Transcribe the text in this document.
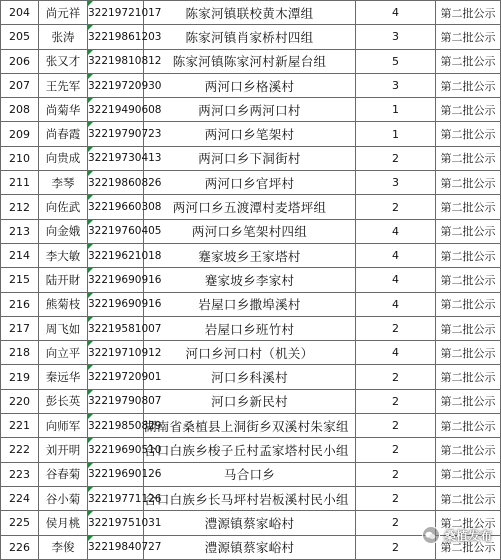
204	尚元祥	32219721017	陈家河镇联校黄木潭组	4	第二批公示
205	张涛	32219861203	陈家河镇肖家桥村四组	3	第二批公示
206	张又才	32219810812	陈家河镇陈家河村新屋台组	5	第二批公示
207	王先军	32219720930	两河口乡格溪村	3	第二批公示
208	尚菊华	32219490608	两河口乡两河口村	1	第二批公示
209	尚春霞	32219790723	两河口乡笔架村	1	第二批公示
210	向贵成	32219730413	两河口乡下洞街村	2	第二批公示
211	李琴	32219860826	两河口乡官坪村	3	第二批公示
212	向佐武	32219660308	两河口乡五渡潭村麦塔坪组	2	第二批公示
213	向金娥	32219760405	两河口乡笔架村四组	4	第二批公示
214	李大敏	32219621018	蹇家坡乡王家塔村	4	第二批公示
215	陆开財	32219690916	蹇家坡乡李家村	4	第二批公示
216	熊菊枝	32219690916	岩屋口乡撒埠溪村	4	第二批公示
217	周飞如	32219581007	岩屋口乡班竹村	2	第二批公示
218	向立平	32219710912	河口乡河口村（机关）	4	第二批公示
219	秦远华	32219720901	河口乡科溪村	2	第二批公示
220	彭长英	32219790807	河口乡新民村	2	第二批公示
221	向师军	32219850829	湖南省桑植县上洞街乡双溪村朱家组	2	第二批公示
222	刘开明	32219690510	合口白族乡梭子丘村孟家塔村民小组	2	第二批公示
223	谷春菊	32219690126	马合口乡	2	第二批公示
224	谷小菊	32219771126	合口白族乡长马坪村岩板溪村民小组	2	第二批公示
225	侯月桃	32219751031	澧源镇蔡家峪村	2	第二批公示
226	李俊	32219840727	澧源镇蔡家峪村	2	第二批公示
桑植发布
